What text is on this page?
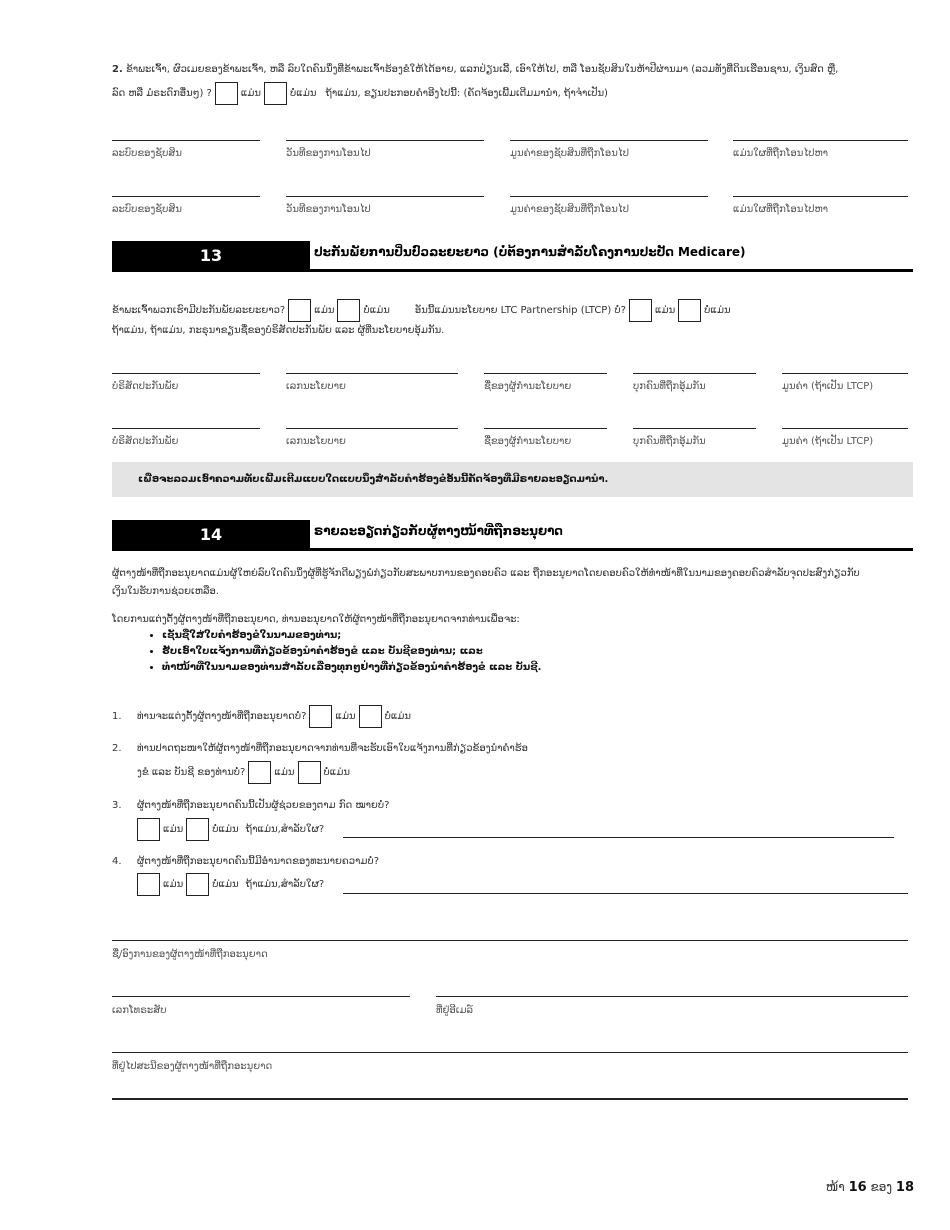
2. ຂ້າພະເຈົ້າ, ຜົວເມຍຂອງຂ້າພະເຈົ້າ, ຫລື ລົບໃດຄົນນຶ່ງທີ່ຂ້າພະເຈົ້າຮ້ອງຂໍໃຫ້ໄດ້ອາຍ, ແລກປ່ຽນເລີ້, ເອົາໃຫ້ໄປ, ຫລື ໂອນຊັບສິນໃນຫ້າປີຜ່ານມາ (ລວມທັງທີ່ດິນເຮືອນຊານ, ເງິນສົດ ຫຼື,
ລົດ ຫລື ມໍຣະດົກອື່ນໆ) ?	ແມ່ນ	ບໍ່ແມ່ນ ຖ້າແມ່ນ, ຂຽນປະກອບຄໍາອີງໄປນີ້: (ຄັດຈ້ອງເພີ້ມເຕີມມານໍາ, ຖ້າຈໍາເປັນ)
ລະບົບຂອງຊັບສິນ	ວັນທີຂອງການໂອນໄປ	ມູນຄ່າຂອງຊັບສິນທີ່ຖືກໂອນໄປ	ແມ່ນໃຜທີ່ຖືກໂອນໄປຫາ
ລະບົບຂອງຊັບສິນ	ວັນທີຂອງການໂອນໄປ	ມູນຄ່າຂອງຊັບສິນທີ່ຖືກໂອນໄປ	ແມ່ນໃຜທີ່ຖືກໂອນໄປຫາ
13	ປະກັນພັຍການປິ່ນປົວລະຍະຍາວ (ບໍ່ຕ້ອງການສໍາລັບໂຄງການປະປັດ Medicare)
ຂ້າພະເຈົ້າພວກເຮົາມີປະກັນພັຍລະຍະຍາວ?	ແມ່ນ	ບໍ່ແມ່ນ	ອັນນີ້ແມ່ນນະໂຍບາຍ LTC Partnership (LTCP) ບໍ່?	ແມ່ນ	ບໍ່ແມ່ນ
ຖ້າແມ່ນ, ຖ້າແມ່ນ, ກະຣຸນາຂຽນຊື່ຂອງບໍຣິສັດປະກັນພັຍ ແລະ ຜູ້ທີ່ນະໂຍບາຍອຸ້ມກັນ.
ບໍຣິສັດປະກັນພັຍ	ເລກນະໂຍບາຍ	ຊື່ຂອງຜູ້ກໍານະໂຍບາຍ	ບຸກຄົນທີ່ຖືກອຸ້ມກັນ	ມູນຄ່າ (ຖ້າເປັນ LTCP)
ບໍຣິສັດປະກັນພັຍ	ເລກນະໂຍບາຍ	ຊື່ຂອງຜູ້ກໍານະໂຍບາຍ	ບຸກຄົນທີ່ຖືກອຸ້ມກັນ	ມູນຄ່າ (ຖ້າເປັນ LTCP)
ເພື່ອຈະລວມເອົາຄວາມທັບເພີ້ມເຕີມແບບໃດແບບນຶ່ງສໍາລັບຄໍາຮ້ອງຂໍອັນນີ້ຄັດຈ້ອງທີ່ມີຣາຍລະອຽດມານໍາ.
14	ຣາຍລະອຽດກ່ຽວກັບຜູ້ຕາງໜ້າທີ່ຖືກອະນຸຍາດ
ຜູ້ຕາງໜ້າທີ່ຖືກອະນຸຍາດແມ່ນຜູ້ໃຫຍ່ລົບໃດຄົນນຶ່ງຜູ້ທີ່ຮູ້ຈັກດີພຽງພໍກ່ຽວກັບສະພາບການຂອງຄອບຄົວ ແລະ ຖືກອະນຸຍາດໂດຍຄອບຄົວໃຫ້ທໍາໜ້າທີ່ໃນນາມຂອງຄອບຄົວສໍາລັບຈຸດປະສົງກ່ຽວກັບ
ເງິນໃນຮັບການຊ່ວຍເຫລືອ.
ໂດຍການແຕ່ງຕັ້ງຜູ້ຕາງໜ້າທີ່ຖືກອະນຸຍາດ, ທ່ານອະນຸຍາດໃຫ້ຜູ້ຕາງໜ້າທີ່ຖືກອະນຸຍາດຈາກທ່ານເພື່ອຈະ:
• ເຊັນຊື່ໃສ່ໃບຄໍາຮ້ອງຂໍໃນນາມຂອງທ່ານ;
• ຮັບເອົາໃບແຈ້ງການທີ່ກ່ຽວຂ້ອງນໍາຄໍາຮ້ອງຂໍ ແລະ ບັນຊີຂອງທ່ານ; ແລະ
• ທໍາໜ້າທີ່ໃນນາມຂອງທ່ານສໍາລັບເລື່ອງທຸກໆຢ່າງທີ່ກ່ຽວຂ້ອງນໍາຄໍາຮ້ອງຂໍ ແລະ ບັນຊີ.
1.	ທ່ານຈະແຕ່ງຕັ້ງຜູ້ຕາງໜ້າທີ່ຖືກອະນຸຍາດບໍ່?	ແມ່ນ	ບໍ່ແມ່ນ
2. ທ່ານປາດຖະໜາໃຫ້ຜູ້ຕາງໜ້າທີ່ຖືກອະນຸຍາດຈາກທ່ານທີ່ຈະຮັບເອົາໃບແຈ້ງການທີ່ກ່ຽວຂ້ອງນໍາຄໍາຮ້ອ
ງຂໍ ແລະ ບັນຊີ ຂອງທ່ານບໍ່?	ແມ່ນ	ບໍ່ແມ່ນ
3. ຜູ້ຕາງໜ້າທີ່ຖືກອະນຸຍາດຄົນນີ້ເປັນຜູ້ຊ່ວຍຂອງຕາມ ກົດ ໝາຍບໍ່?
ແມ່ນ	ບໍ່ແມ່ນ ຖ້າແມ່ນ,ສໍາລັບໃຜ?
4. ຜູ້ຕາງໜ້າທີ່ຖືກອະນຸຍາດຄົນນີ້ມີອໍານາດຂອງທະນາຍຄວາມບໍ່?
ແມ່ນ	ບໍ່ແມ່ນ ຖ້າແມ່ນ,ສໍາລັບໃຜ?
ຊື່/ອົງການຂອງຜູ້ຕາງໜ້າທີ່ຖືກອະນຸຍາດ
ເລກໂທຣະສັບ	ທີ່ຢູ່ອີເມລ໌
ທີ່ຢູ່ໄປສະນີຂອງຜູ້ຕາງໜ້າທີ່ຖືກອະນຸຍາດ
ໜ້າ 16 ຂອງ 18
